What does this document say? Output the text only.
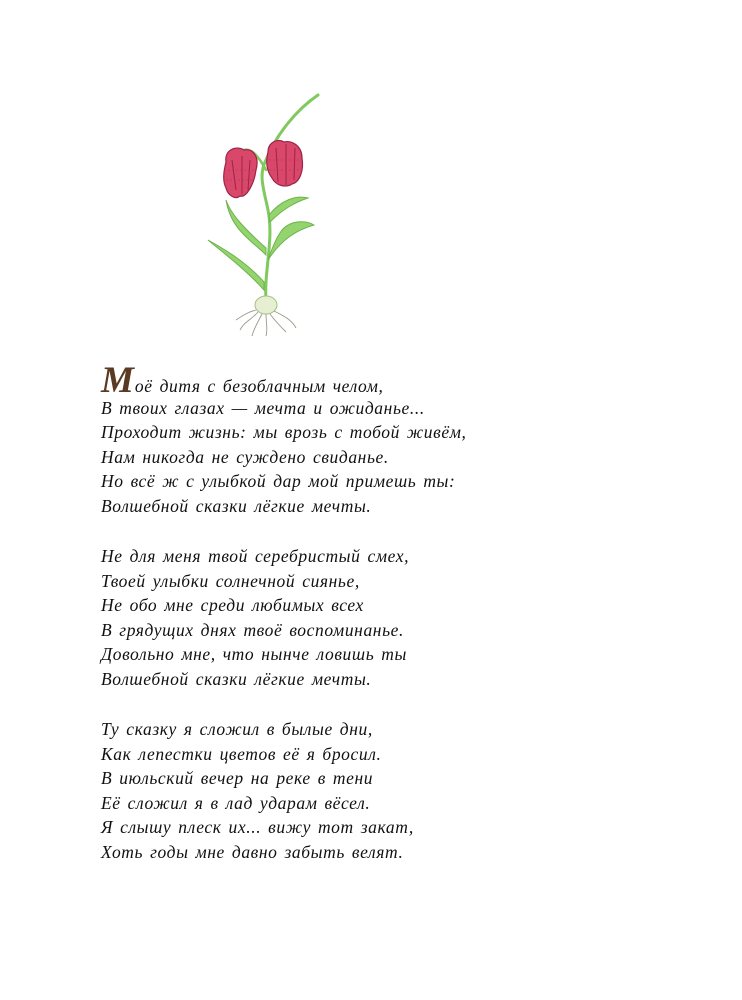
Моё дитя с безоблачным челом,
В твоих глазах — мечта и ожиданье...
Проходит жизнь: мы врозь с тобой живём,
Нам никогда не суждено свиданье.
Но всё ж с улыбкой дар мой примешь ты:
Волшебной сказки лёгкие мечты.
Не для меня твой серебристый смех,
Твоей улыбки солнечной сиянье,
Не обо мне среди любимых всех
В грядущих днях твоё воспоминанье.
Довольно мне, что нынче ловишь ты
Волшебной сказки лёгкие мечты.
Ту сказку я сложил в былые дни,
Как лепестки цветов её я бросил.
В июльский вечер на реке в тени
Её сложил я в лад ударам вёсел.
Я слышу плеск их... вижу тот закат,
Хоть годы мне давно забыть велят.
